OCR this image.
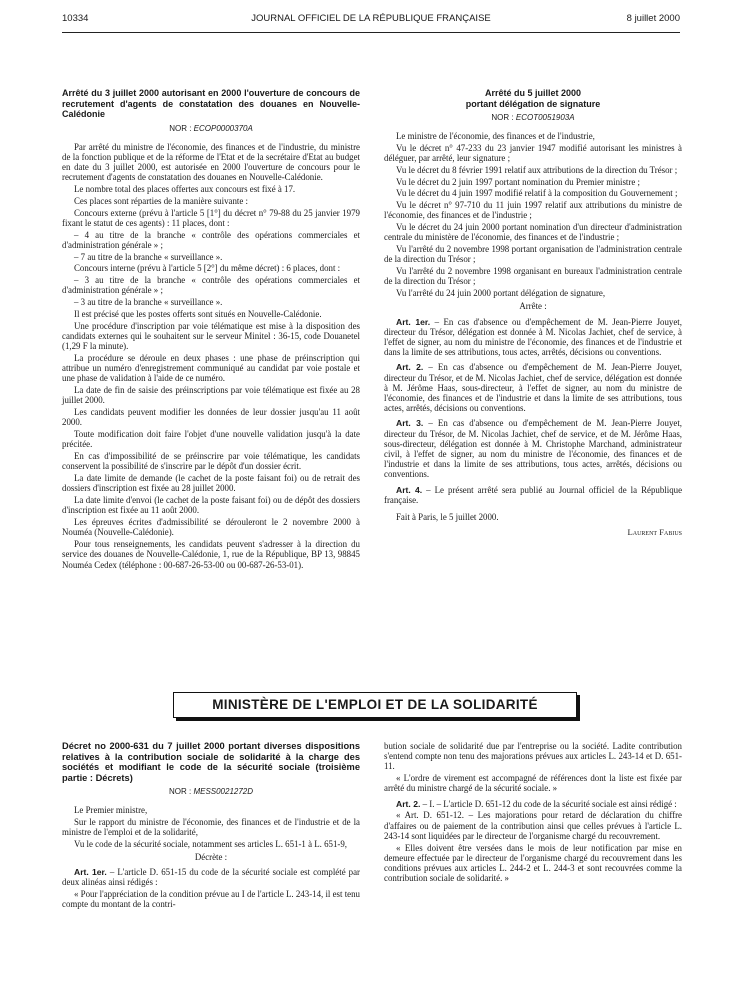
10334	JOURNAL OFFICIEL DE LA RÉPUBLIQUE FRANÇAISE	8 juillet 2000

Arrêté du 3 juillet 2000 autorisant en 2000 l'ouverture de concours de recrutement d'agents de constatation des douanes en Nouvelle-Calédonie

NOR : ECOP0000370A

Par arrêté du ministre de l'économie, des finances et de l'industrie, du ministre de la fonction publique et de la réforme de l'Etat et de la secrétaire d'Etat au budget en date du 3 juillet 2000, est autorisée en 2000 l'ouverture de concours pour le recrutement d'agents de constatation des douanes en Nouvelle-Calédonie.

Le nombre total des places offertes aux concours est fixé à 17.

Ces places sont réparties de la manière suivante :

Concours externe (prévu à l'article 5 [1°] du décret n° 79-88 du 25 janvier 1979 fixant le statut de ces agents) : 11 places, dont :

– 4 au titre de la branche « contrôle des opérations commerciales et d'administration générale » ;

– 7 au titre de la branche « surveillance ».

Concours interne (prévu à l'article 5 [2°] du même décret) : 6 places, dont :

– 3 au titre de la branche « contrôle des opérations commerciales et d'administration générale » ;

– 3 au titre de la branche « surveillance ».

Il est précisé que les postes offerts sont situés en Nouvelle-Calédonie.

Une procédure d'inscription par voie télématique est mise à la disposition des candidats externes qui le souhaitent sur le serveur Minitel : 36-15, code Douanetel (1,29 F la minute).

La procédure se déroule en deux phases : une phase de préinscription qui attribue un numéro d'enregistrement communiqué au candidat par voie postale et une phase de validation à l'aide de ce numéro.

La date de fin de saisie des préinscriptions par voie télématique est fixée au 28 juillet 2000.

Les candidats peuvent modifier les données de leur dossier jusqu'au 11 août 2000.

Toute modification doit faire l'objet d'une nouvelle validation jusqu'à la date précitée.

En cas d'impossibilité de se préinscrire par voie télématique, les candidats conservent la possibilité de s'inscrire par le dépôt d'un dossier écrit.

La date limite de demande (le cachet de la poste faisant foi) ou de retrait des dossiers d'inscription est fixée au 28 juillet 2000.

La date limite d'envoi (le cachet de la poste faisant foi) ou de dépôt des dossiers d'inscription est fixée au 11 août 2000.

Les épreuves écrites d'admissibilité se dérouleront le 2 novembre 2000 à Nouméa (Nouvelle-Calédonie).

Pour tous renseignements, les candidats peuvent s'adresser à la direction du service des douanes de Nouvelle-Calédonie, 1, rue de la République, BP 13, 98845 Nouméa Cedex (téléphone : 00-687-26-53-00 ou 00-687-26-53-01).

Arrêté du 5 juillet 2000
portant délégation de signature

NOR : ECOT0051903A

Le ministre de l'économie, des finances et de l'industrie,

Vu le décret n° 47-233 du 23 janvier 1947 modifié autorisant les ministres à déléguer, par arrêté, leur signature ;

Vu le décret du 8 février 1991 relatif aux attributions de la direction du Trésor ;

Vu le décret du 2 juin 1997 portant nomination du Premier ministre ;

Vu le décret du 4 juin 1997 modifié relatif à la composition du Gouvernement ;

Vu le décret n° 97-710 du 11 juin 1997 relatif aux attributions du ministre de l'économie, des finances et de l'industrie ;

Vu le décret du 24 juin 2000 portant nomination d'un directeur d'administration centrale du ministère de l'économie, des finances et de l'industrie ;

Vu l'arrêté du 2 novembre 1998 portant organisation de l'administration centrale de la direction du Trésor ;

Vu l'arrêté du 2 novembre 1998 organisant en bureaux l'administration centrale de la direction du Trésor ;

Vu l'arrêté du 24 juin 2000 portant délégation de signature,

Arrête :

Art. 1er. – En cas d'absence ou d'empêchement de M. Jean-Pierre Jouyet, directeur du Trésor, délégation est donnée à M. Nicolas Jachiet, chef de service, à l'effet de signer, au nom du ministre de l'économie, des finances et de l'industrie et dans la limite de ses attributions, tous actes, arrêtés, décisions ou conventions.

Art. 2. – En cas d'absence ou d'empêchement de M. Jean-Pierre Jouyet, directeur du Trésor, et de M. Nicolas Jachiet, chef de service, délégation est donnée à M. Jérôme Haas, sous-directeur, à l'effet de signer, au nom du ministre de l'économie, des finances et de l'industrie et dans la limite de ses attributions, tous actes, arrêtés, décisions ou conventions.

Art. 3. – En cas d'absence ou d'empêchement de M. Jean-Pierre Jouyet, directeur du Trésor, de M. Nicolas Jachiet, chef de service, et de M. Jérôme Haas, sous-directeur, délégation est donnée à M. Christophe Marchand, administrateur civil, à l'effet de signer, au nom du ministre de l'économie, des finances et de l'industrie et dans la limite de ses attributions, tous actes, arrêtés, décisions ou conventions.

Art. 4. – Le présent arrêté sera publié au Journal officiel de la République française.

Fait à Paris, le 5 juillet 2000.

Laurent Fabius
MINISTÈRE DE L'EMPLOI ET DE LA SOLIDARITÉ

Décret no 2000-631 du 7 juillet 2000 portant diverses dispositions relatives à la contribution sociale de solidarité à la charge des sociétés et modifiant le code de la sécurité sociale (troisième partie : Décrets)

NOR : MESS0021272D

Le Premier ministre,

Sur le rapport du ministre de l'économie, des finances et de l'industrie et de la ministre de l'emploi et de la solidarité,

Vu le code de la sécurité sociale, notamment ses articles L. 651-1 à L. 651-9,

Décrète :

Art. 1er. – L'article D. 651-15 du code de la sécurité sociale est complété par deux alinéas ainsi rédigés :

« Pour l'appréciation de la condition prévue au I de l'article L. 243-14, il est tenu compte du montant de la contri-

bution sociale de solidarité due par l'entreprise ou la société. Ladite contribution s'entend compte non tenu des majorations prévues aux articles L. 243-14 et D. 651-11.

« L'ordre de virement est accompagné de références dont la liste est fixée par arrêté du ministre chargé de la sécurité sociale. »

Art. 2. – I. – L'article D. 651-12 du code de la sécurité sociale est ainsi rédigé :

« Art. D. 651-12. – Les majorations pour retard de déclaration du chiffre d'affaires ou de paiement de la contribution ainsi que celles prévues à l'article L. 243-14 sont liquidées par le directeur de l'organisme chargé du recouvrement.

« Elles doivent être versées dans le mois de leur notification par mise en demeure effectuée par le directeur de l'organisme chargé du recouvrement dans les conditions prévues aux articles L. 244-2 et L. 244-3 et sont recouvrées comme la contribution sociale de solidarité. »
